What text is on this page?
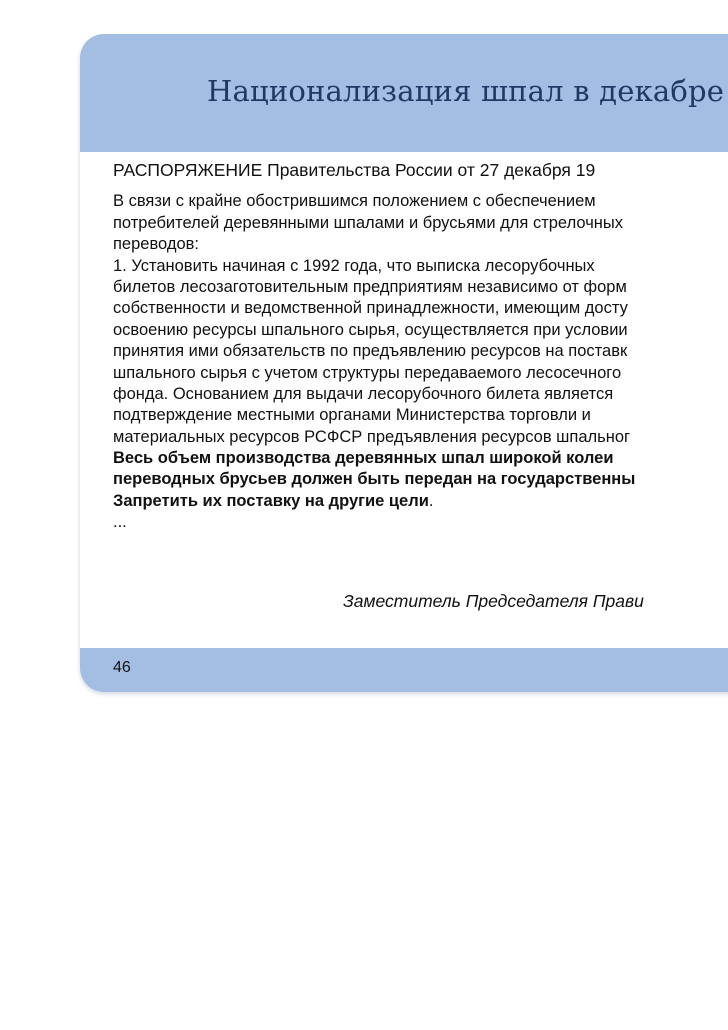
Национализация шпал в декабре
РАСПОРЯЖЕНИЕ Правительства России от 27 декабря 19
В связи с крайне обострившимся положением с обеспечением
потребителей деревянными шпалами и брусьями для стрелочных
переводов:
1. Установить начиная с 1992 года, что выписка лесорубочных
билетов лесозаготовительным предприятиям независимо от форм
собственности и ведомственной принадлежности, имеющим досту
освоению ресурсы шпального сырья, осуществляется при условии
принятия ими обязательств по предъявлению ресурсов на поставк
шпального сырья с учетом структуры передаваемого лесосечного
фонда. Основанием для выдачи лесорубочного билета является
подтверждение местными органами Министерства торговли и
материальных ресурсов РСФСР предъявления ресурсов шпальног
Весь объем производства деревянных шпал широкой колеи
переводных брусьев должен быть передан на государственны
Запретить их поставку на другие цели.
...
Заместитель Председателя Прави
46
